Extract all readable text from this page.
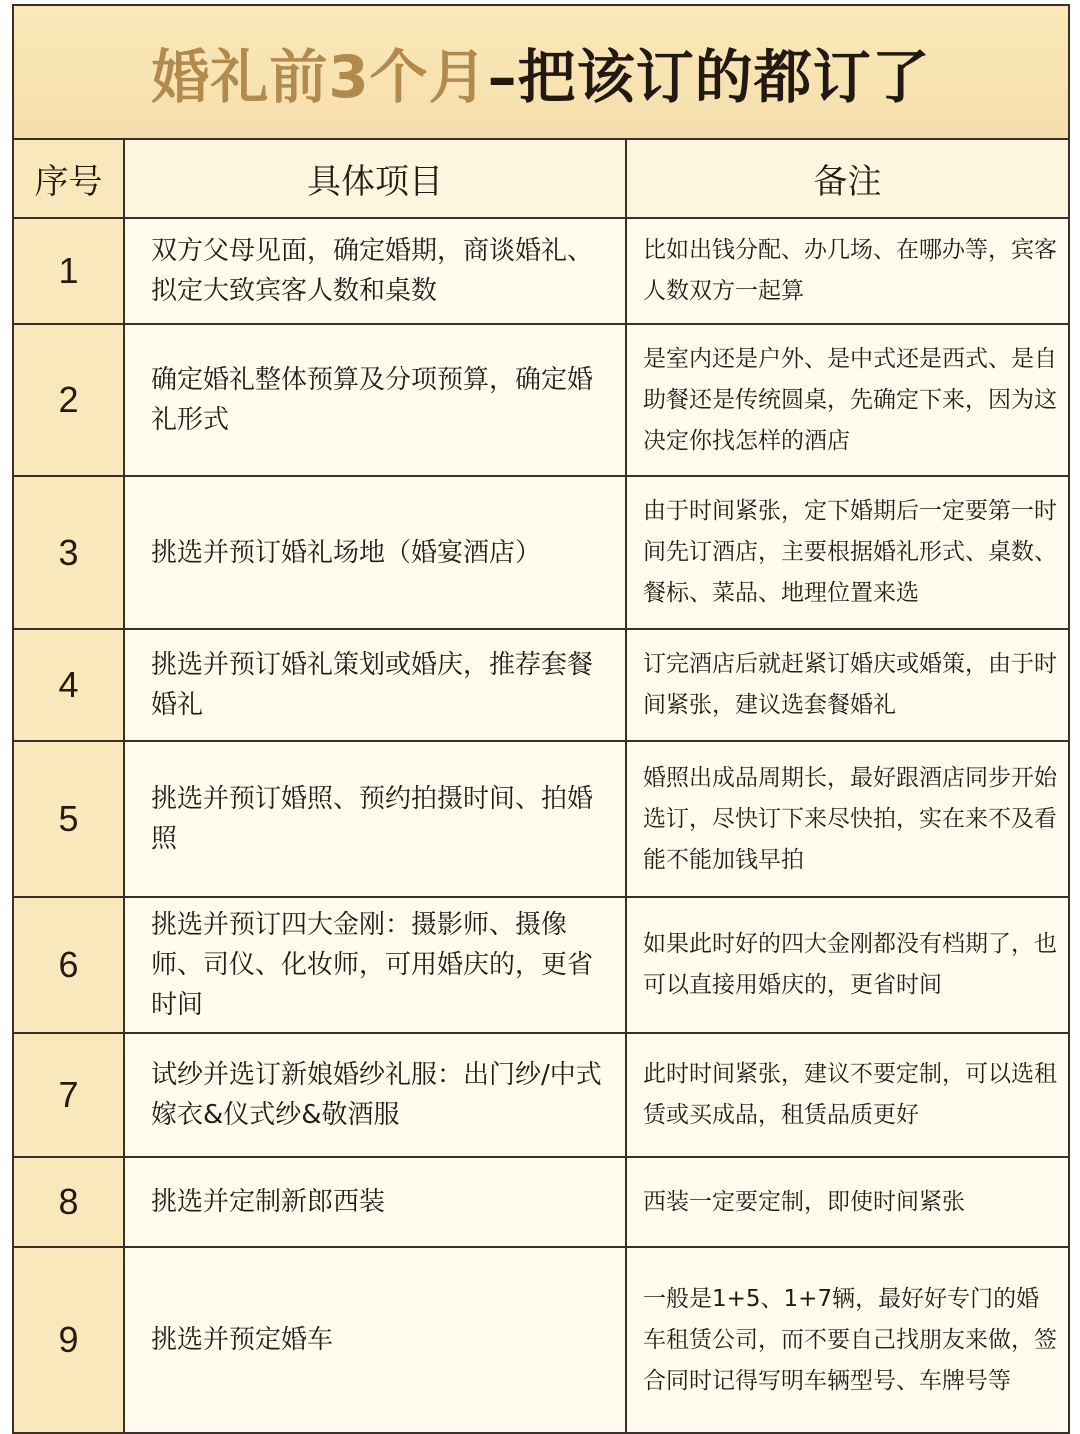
婚礼前3个月–把该订的都订了
序号	具体项目	备注
1	双方父母见面，确定婚期，商谈婚礼、拟定大致宾客人数和桌数	比如出钱分配、办几场、在哪办等，宾客人数双方一起算
2	确定婚礼整体预算及分项预算，确定婚礼形式	是室内还是户外、是中式还是西式、是自助餐还是传统圆桌，先确定下来，因为这决定你找怎样的酒店
3	挑选并预订婚礼场地（婚宴酒店）	由于时间紧张，定下婚期后一定要第一时间先订酒店，主要根据婚礼形式、桌数、餐标、菜品、地理位置来选
4	挑选并预订婚礼策划或婚庆，推荐套餐婚礼	订完酒店后就赶紧订婚庆或婚策，由于时间紧张，建议选套餐婚礼
5	挑选并预订婚照、预约拍摄时间、拍婚照	婚照出成品周期长，最好跟酒店同步开始选订，尽快订下来尽快拍，实在来不及看能不能加钱早拍
6	挑选并预订四大金刚：摄影师、摄像师、司仪、化妆师，可用婚庆的，更省时间	如果此时好的四大金刚都没有档期了，也可以直接用婚庆的，更省时间
7	试纱并选订新娘婚纱礼服：出门纱/中式嫁衣&仪式纱&敬酒服	此时时间紧张，建议不要定制，可以选租赁或买成品，租赁品质更好
8	挑选并定制新郎西装	西装一定要定制，即使时间紧张
9	挑选并预定婚车	一般是1+5、1+7辆，最好好专门的婚车租赁公司，而不要自己找朋友来做，签合同时记得写明车辆型号、车牌号等
